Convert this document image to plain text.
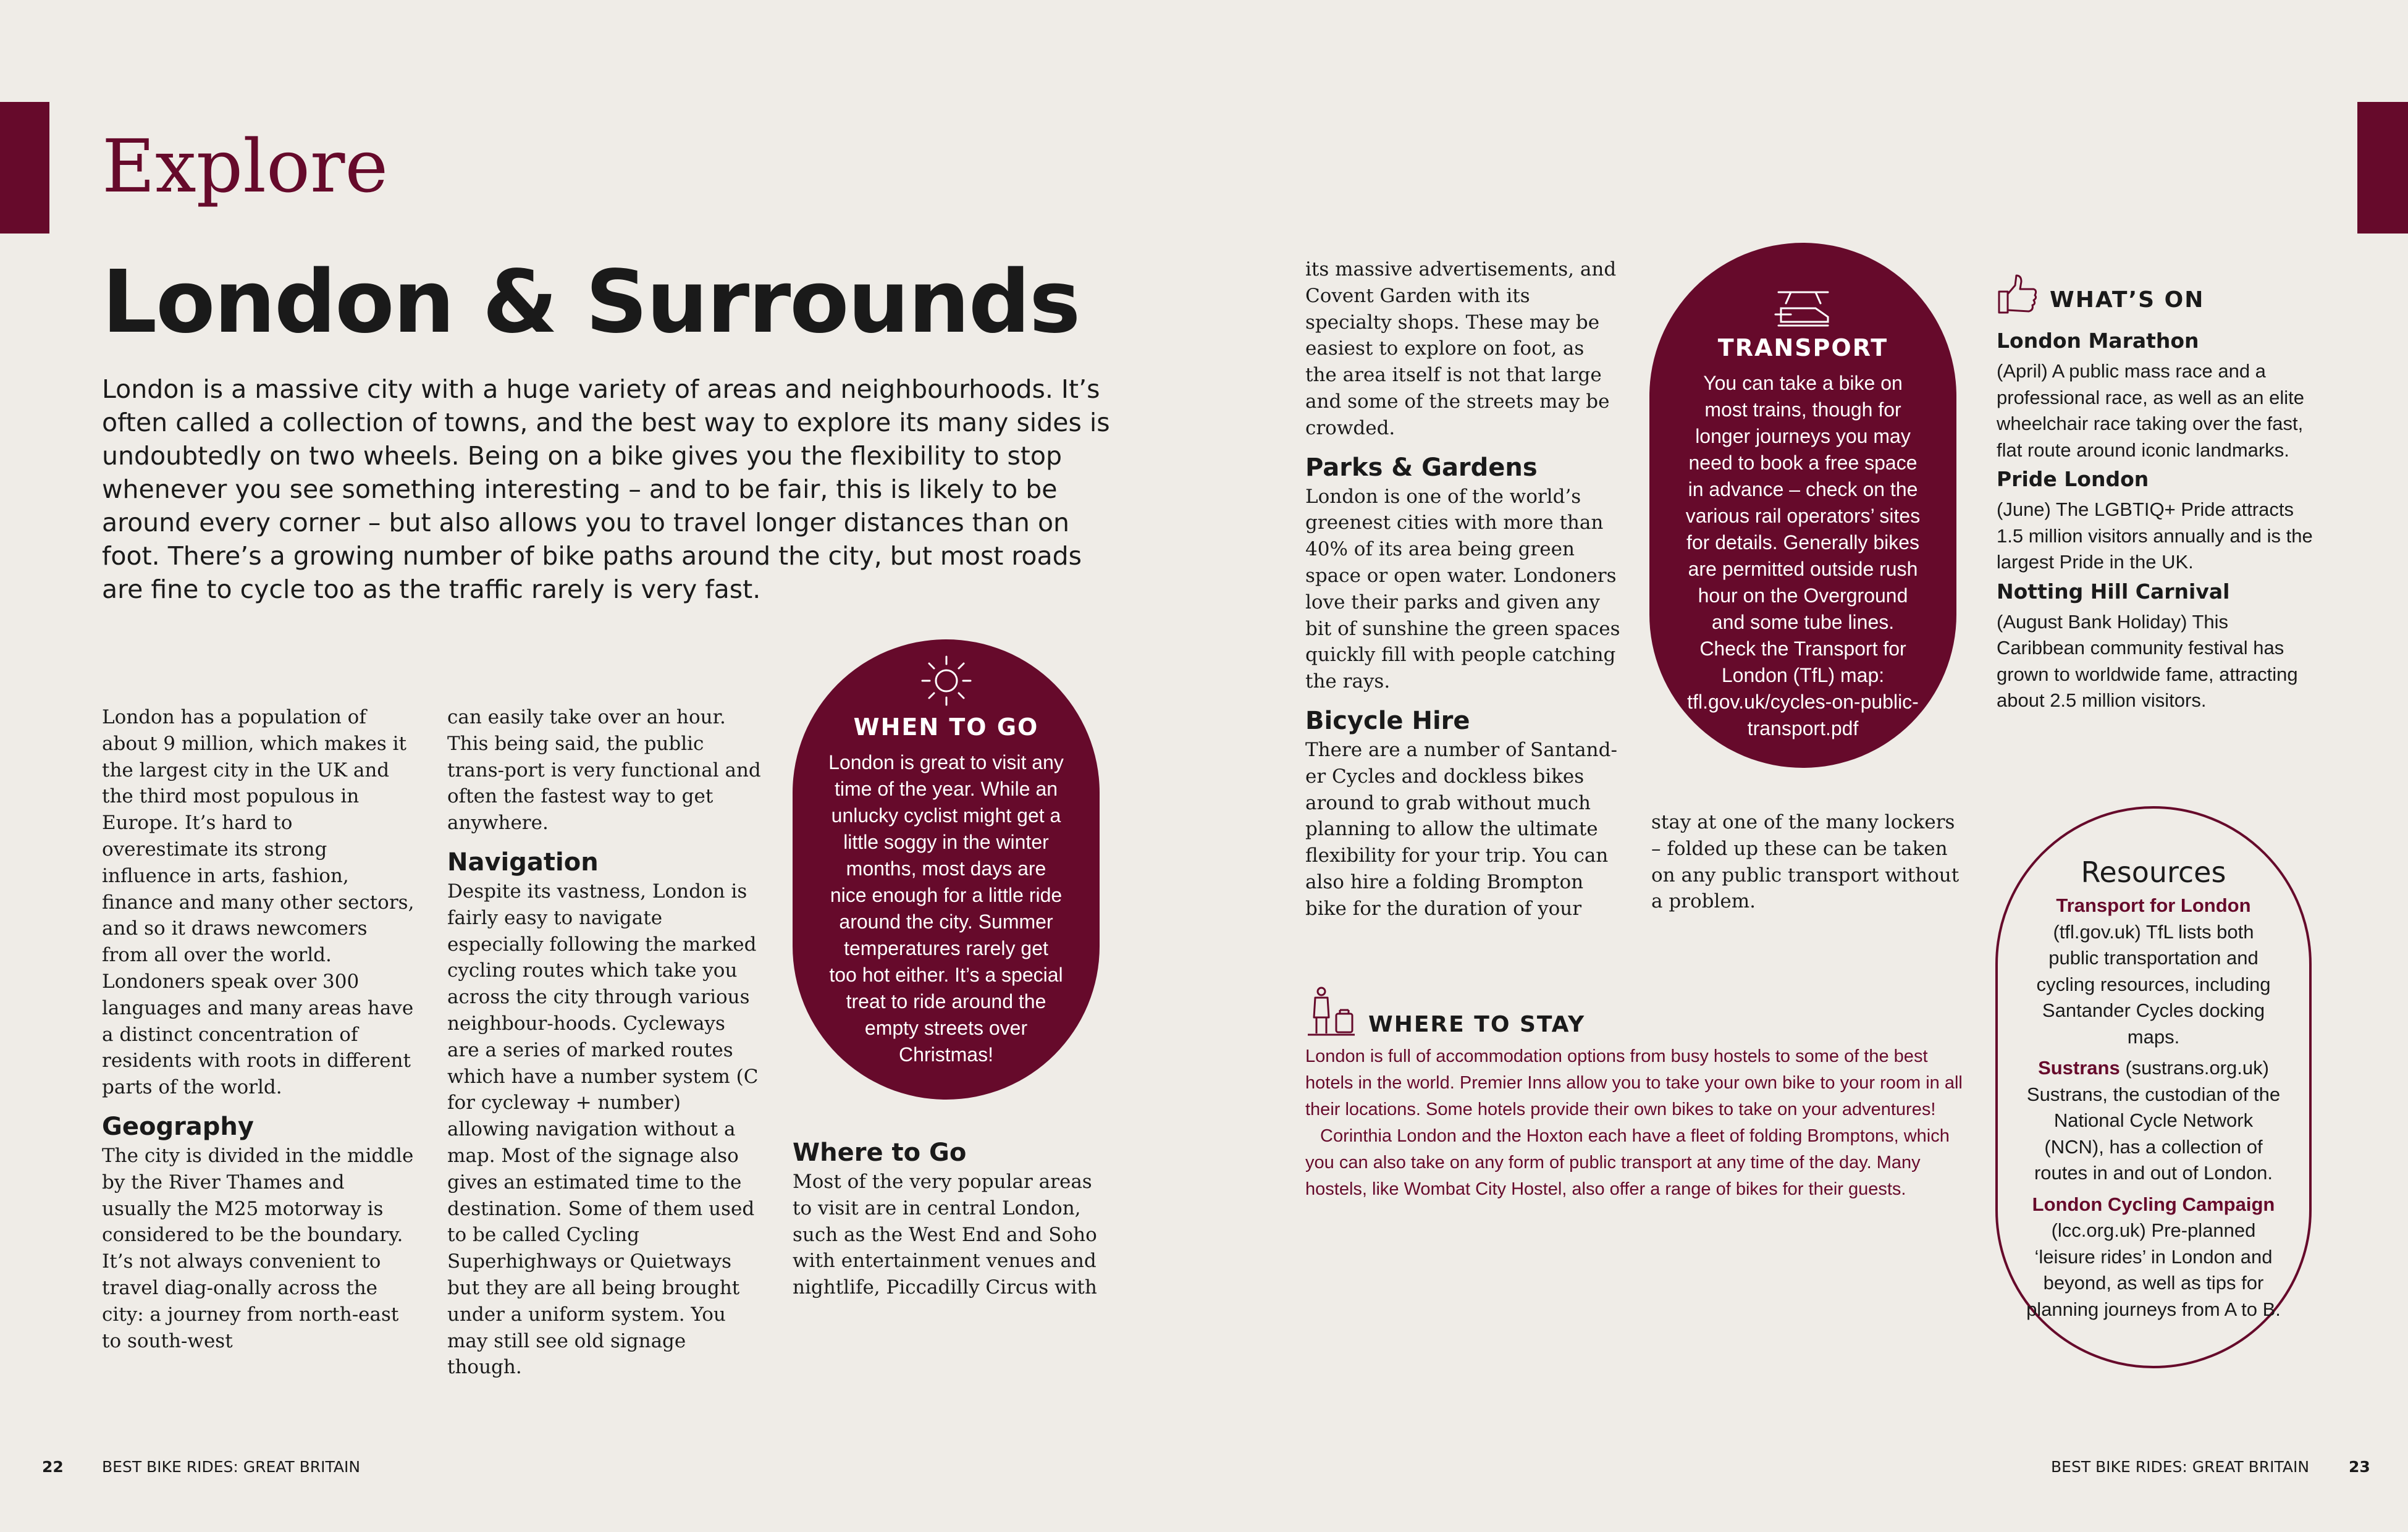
Explore
London & Surrounds
London is a massive city with a huge variety of areas and neighbourhoods. It’s often called a collection of towns, and the best way to explore its many sides is undoubtedly on two wheels. Being on a bike gives you the flexibility to stop whenever you see something interesting – and to be fair, this is likely to be around every corner – but also allows you to travel longer distances than on foot. There’s a growing number of bike paths around the city, but most roads are fine to cycle too as the traffic rarely is very fast.

London has a population of about 9 million, which makes it the largest city in the UK and the third most populous in Europe. It’s hard to overestimate its strong influence in arts, fashion, finance and many other sectors, and so it draws newcomers from all over the world. Londoners speak over 300 languages and many areas have a distinct concentration of residents with roots in different parts of the world.

Geography

The city is divided in the middle by the River Thames and usually the M25 motorway is considered to be the boundary. It’s not always convenient to travel diag-onally across the city: a journey from north-east to south-west

can easily take over an hour. This being said, the public trans-port is very functional and often the fastest way to get anywhere.

Navigation

Despite its vastness, London is fairly easy to navigate especially following the marked cycling routes which take you across the city through various neighbour-hoods. Cycleways are a series of marked routes which have a number system (C for cycleway + number) allowing navigation without a map. Most of the signage also gives an estimated time to the destination. Some of them used to be called Cycling Superhighways or Quietways but they are all being brought under a uniform system. You may still see old signage though.

WHEN TO GO
London is great to visit any time of the year. While an unlucky cyclist might get a little soggy in the winter months, most days are nice enough for a little ride around the city. Summer temperatures rarely get too hot either. It’s a special treat to ride around the empty streets over Christmas!
Where to Go

Most of the very popular areas to visit are in central London, such as the West End and Soho with entertainment venues and nightlife, Piccadilly Circus with

its massive advertisements, and Covent Garden with its specialty shops. These may be easiest to explore on foot, as the area itself is not that large and some of the streets may be crowded.

Parks & Gardens

London is one of the world’s greenest cities with more than 40% of its area being green space or open water. Londoners love their parks and given any bit of sunshine the green spaces quickly fill with people catching the rays.

Bicycle Hire

There are a number of Santand-er Cycles and dockless bikes around to grab without much planning to allow the ultimate flexibility for your trip. You can also hire a folding Brompton bike for the duration of your

TRANSPORT
You can take a bike on most trains, though for longer journeys you may need to book a free space in advance – check on the various rail operators’ sites for details. Generally bikes are permitted outside rush hour on the Overground and some tube lines. Check the Transport for London (TfL) map: tfl.gov.uk/cycles-on-public-transport.pdf

stay at one of the many lockers – folded up these can be taken on any public transport without a problem.

WHAT’S ON
London Marathon

(April) A public mass race and a professional race, as well as an elite wheelchair race taking over the fast, flat route around iconic landmarks.

Pride London

(June) The LGBTIQ+ Pride attracts 1.5 million visitors annually and is the largest Pride in the UK.

Notting Hill Carnival

(August Bank Holiday) This Caribbean community festival has grown to worldwide fame, attracting about 2.5 million visitors.

WHERE TO STAY

London is full of accommodation options from busy hostels to some of the best hotels in the world. Premier Inns allow you to take your own bike to your room in all their locations. Some hotels provide their own bikes to take on your adventures!

Corinthia London and the Hoxton each have a fleet of folding Bromptons, which you can also take on any form of public transport at any time of the day. Many hostels, like Wombat City Hostel, also offer a range of bikes for their guests.

Resources

Transport for London (tfl.gov.uk) TfL lists both public transportation and cycling resources, including Santander Cycles docking maps.

Sustrans (sustrans.org.uk) Sustrans, the custodian of the National Cycle Network (NCN), has a collection of routes in and out of London.

London Cycling Campaign (lcc.org.uk) Pre-planned ‘leisure rides’ in London and beyond, as well as tips for planning journeys from A to B.

22 BEST BIKE RIDES: GREAT BRITAIN	BEST BIKE RIDES: GREAT BRITAIN	23
